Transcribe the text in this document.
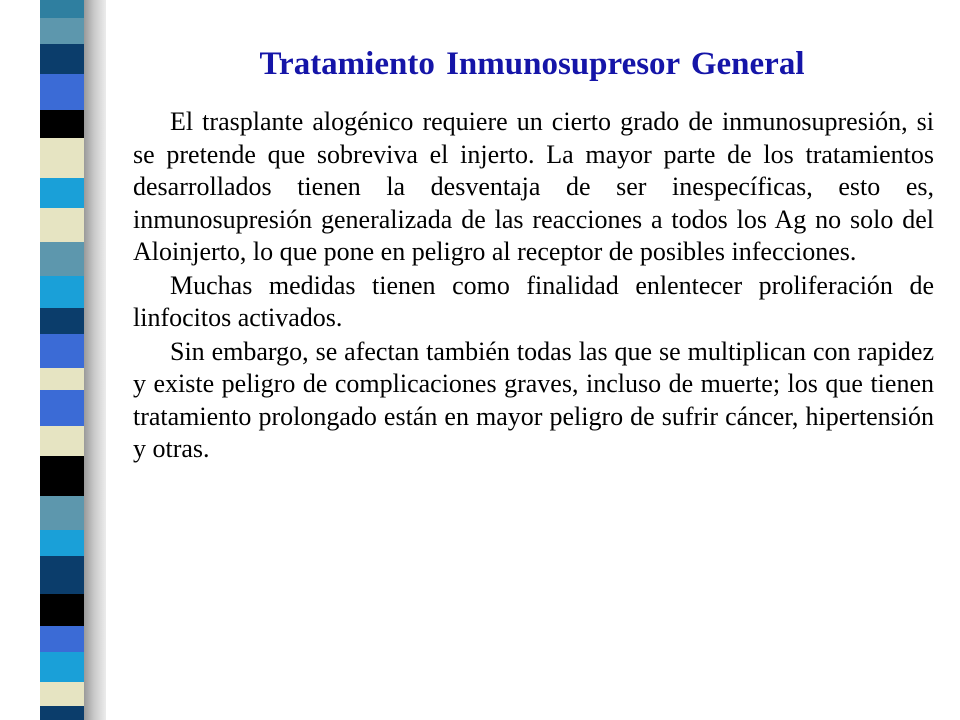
Tratamiento Inmunosupresor General

El trasplante alogénico requiere un cierto grado de inmunosupresión, si se pretende que sobreviva el injerto. La mayor parte de los tratamientos desarrollados tienen la desventaja de ser inespecíficas, esto es, inmunosupresión generalizada de las reacciones a todos los Ag no solo del Aloinjerto, lo que pone en peligro al receptor de posibles infecciones.

Muchas medidas tienen como finalidad enlentecer proliferación de linfocitos activados.

Sin embargo, se afectan también todas las que se multiplican con rapidez y existe peligro de complicaciones graves, incluso de muerte; los que tienen tratamiento prolongado están en mayor peligro de sufrir cáncer, hipertensión y otras.
